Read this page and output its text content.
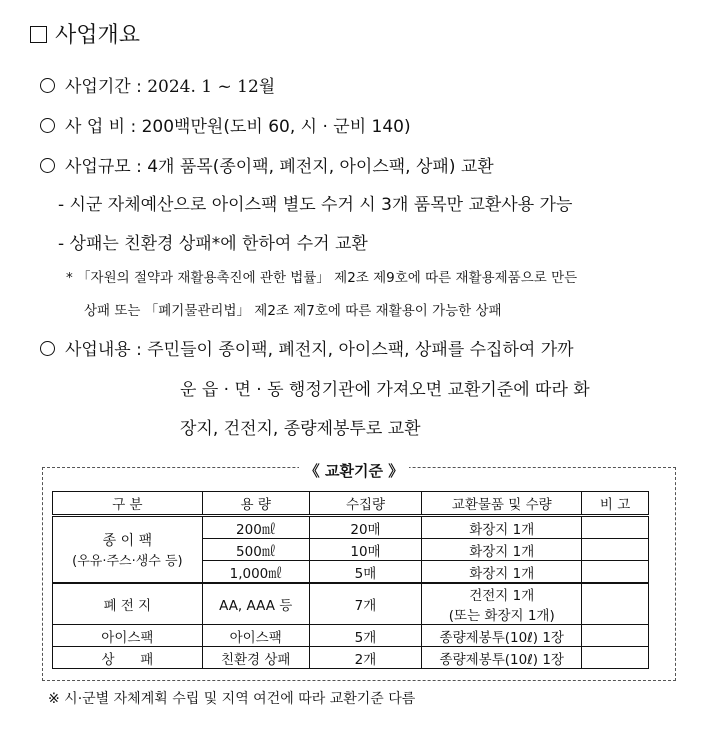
사업개요
사업기간 : 2024. 1 ~ 12월
사 업 비 : 200백만원(도비 60, 시 · 군비 140)
사업규모 : 4개 품목(종이팩, 폐전지, 아이스팩, 상패) 교환
- 시군 자체예산으로 아이스팩 별도 수거 시 3개 품목만 교환사용 가능
- 상패는 친환경 상패*에 한하여 수거 교환
* 「자원의 절약과 재활용촉진에 관한 법률」 제2조 제9호에 따른 재활용제품으로 만든
상패 또는 「폐기물관리법」 제2조 제7호에 따른 재활용이 가능한 상패
사업내용 : 주민들이 종이팩, 폐전지, 아이스팩, 상패를 수집하여 가까
운 읍 · 면 · 동 행정기관에 가져오면 교환기준에 따라 화
장지, 건전지, 종량제봉투로 교환
《 교환기준 》
구 분	용 량	수집량	교환물품 및 수량	비 고

종 이 팩
(우유·주스·생수 등)	200㎖	20매	화장지 1개	
	500㎖	10매	화장지 1개	
	1,000㎖	5매	화장지 1개	
폐 전 지	AA, AAA 등	7개	건전지 1개
(또는 화장지 1개)	

아이스팩	아이스팩	5개	종량제봉투(10ℓ) 1장	
상      패	친환경 상패	2개	종량제봉투(10ℓ) 1장	
※ 시·군별 자체계획 수립 및 지역 여건에 따라 교환기준 다름
